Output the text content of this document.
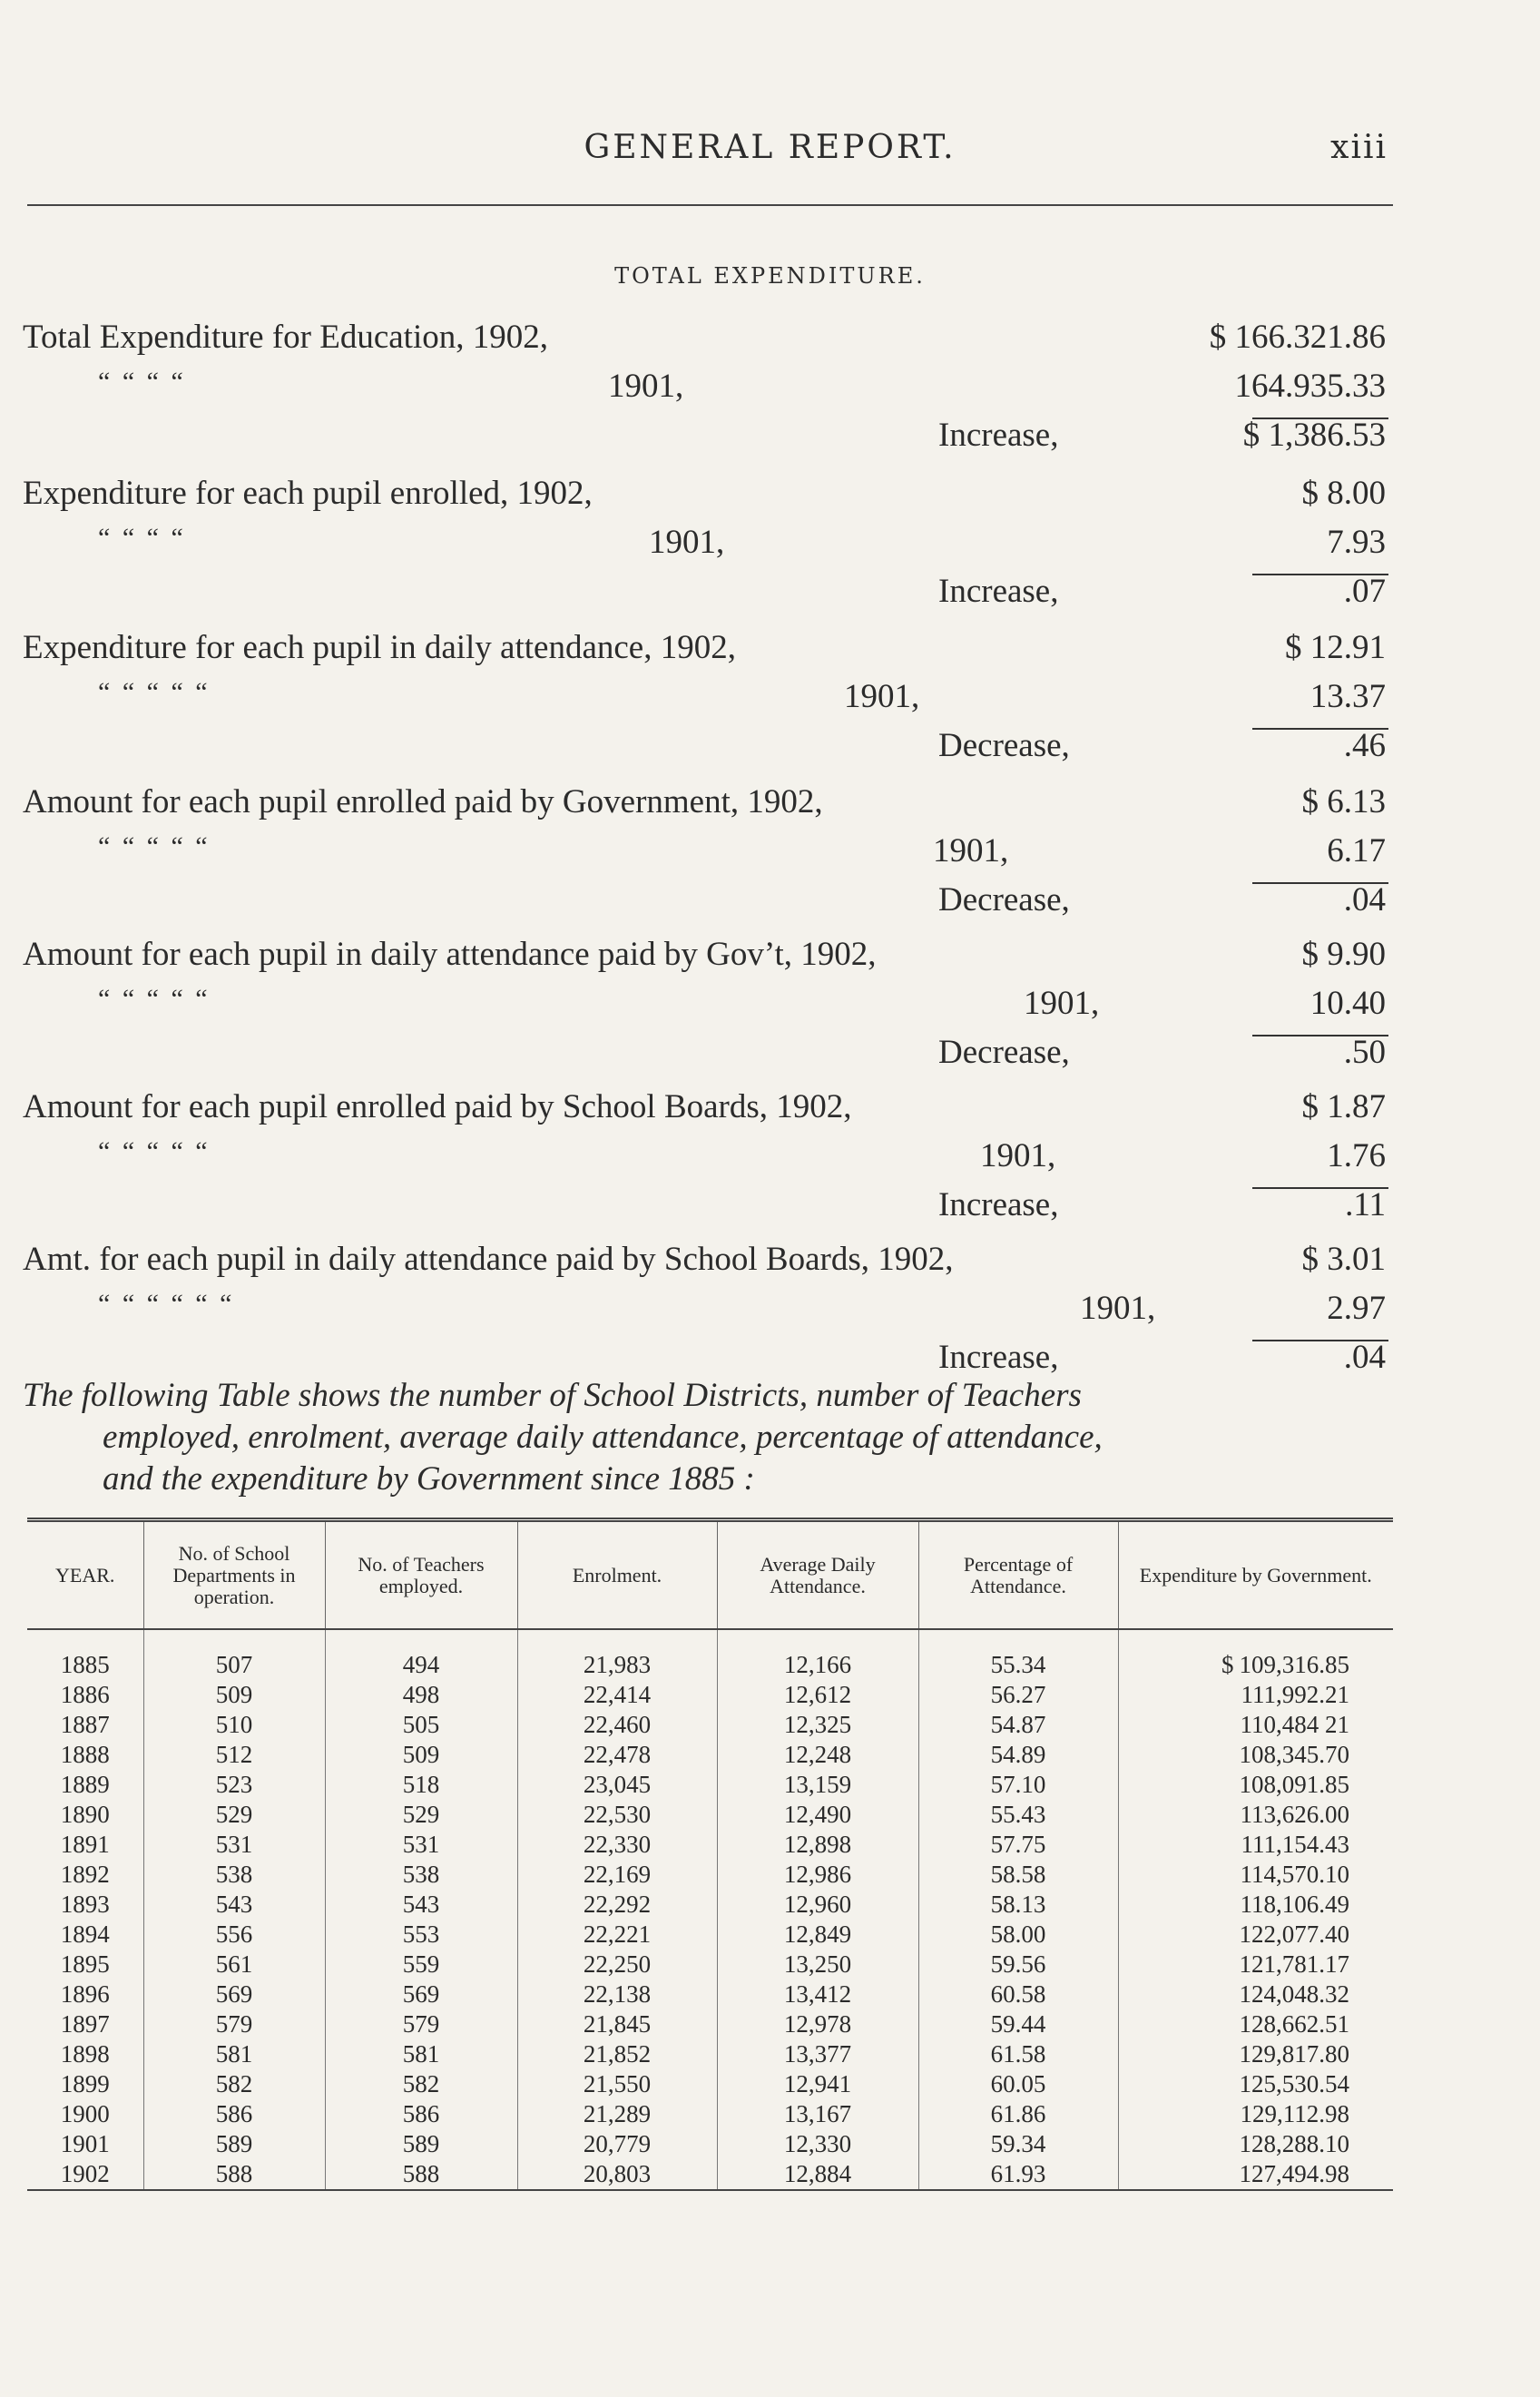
GENERAL REPORT.	xiii
TOTAL EXPENDITURE.
Total Expenditure for Education, 1902,	$ 166.321.86
“ “ “ “	1901,	164.935.33
Increase,	$ 1,386.53
Expenditure for each pupil enrolled, 1902,	$ 8.00
“ “ “ “	1901,	7.93
Increase,	.07
Expenditure for each pupil in daily attendance, 1902,	$ 12.91
“ “ “ “ “	1901,	13.37
Decrease,	.46
Amount for each pupil enrolled paid by Government, 1902,	$ 6.13
“ “ “ “ “	1901,	6.17
Decrease,	.04
Amount for each pupil in daily attendance paid by Gov’t, 1902,	$ 9.90
“ “ “ “ “	1901,	10.40
Decrease,	.50
Amount for each pupil enrolled paid by School Boards, 1902,	$ 1.87
“ “ “ “ “	1901,	1.76
Increase,	.11
Amt. for each pupil in daily attendance paid by School Boards, 1902,	$ 3.01
“ “ “ “ “ “	1901,	2.97
Increase,	.04
The following Table shows the number of School Districts, number of Teachers
employed, enrolment, average daily attendance, percentage of attendance,
and the expenditure by Government since 1885 :
YEAR.	No. of School Departments in operation.	No. of Teachers employed.	Enrolment.	Average Daily Attendance.	Percentage of Attendance.	Expenditure by Government.
1885	507	494	21,983	12,166	55.34	$ 109,316.85
1886	509	498	22,414	12,612	56.27	111,992.21
1887	510	505	22,460	12,325	54.87	110,484 21
1888	512	509	22,478	12,248	54.89	108,345.70
1889	523	518	23,045	13,159	57.10	108,091.85
1890	529	529	22,530	12,490	55.43	113,626.00
1891	531	531	22,330	12,898	57.75	111,154.43
1892	538	538	22,169	12,986	58.58	114,570.10
1893	543	543	22,292	12,960	58.13	118,106.49
1894	556	553	22,221	12,849	58.00	122,077.40
1895	561	559	22,250	13,250	59.56	121,781.17
1896	569	569	22,138	13,412	60.58	124,048.32
1897	579	579	21,845	12,978	59.44	128,662.51
1898	581	581	21,852	13,377	61.58	129,817.80
1899	582	582	21,550	12,941	60.05	125,530.54
1900	586	586	21,289	13,167	61.86	129,112.98
1901	589	589	20,779	12,330	59.34	128,288.10
1902	588	588	20,803	12,884	61.93	127,494.98
